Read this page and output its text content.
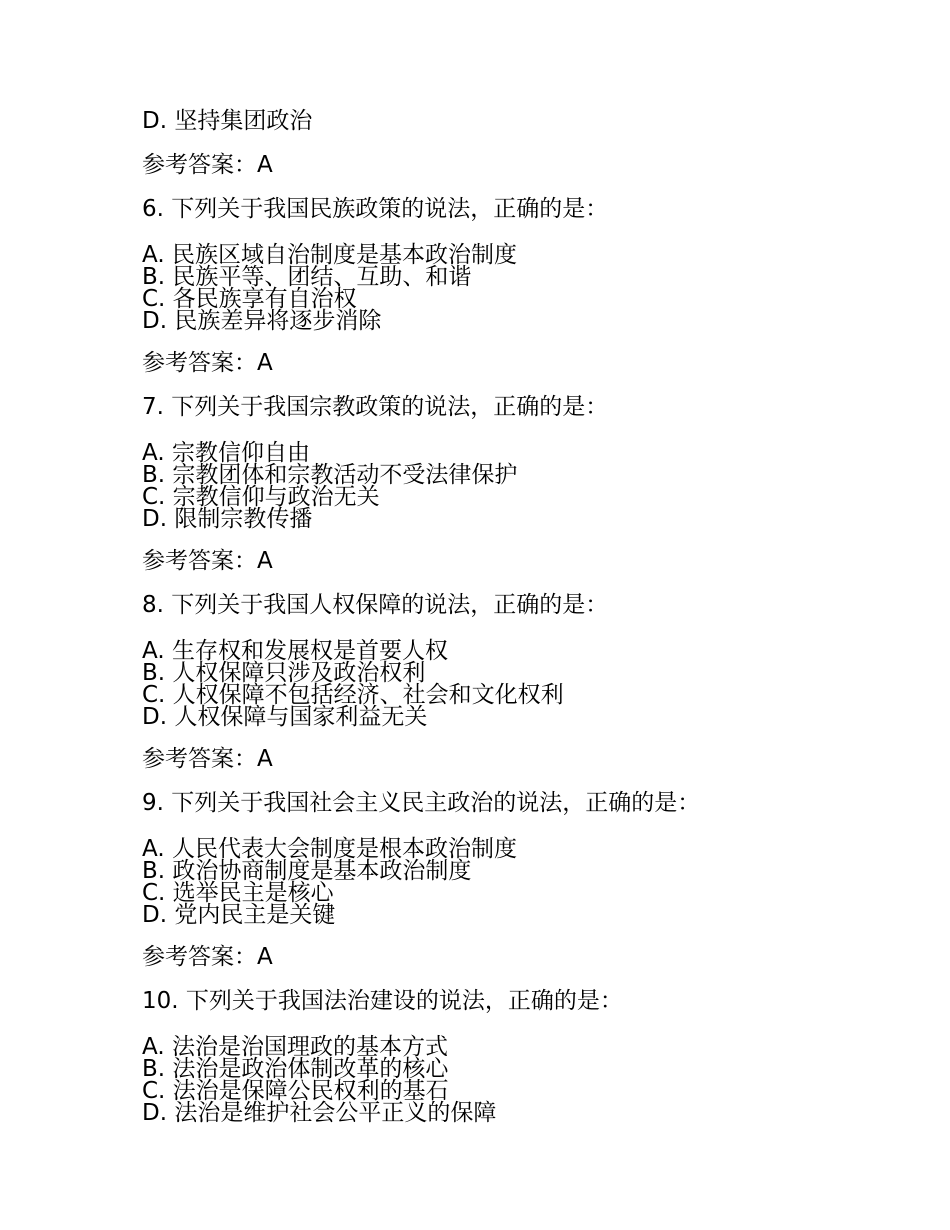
D. 坚持集团政治
参考答案：A
6. 下列关于我国民族政策的说法，正确的是：
A. 民族区域自治制度是基本政治制度
B. 民族平等、团结、互助、和谐
C. 各民族享有自治权
D. 民族差异将逐步消除
参考答案：A
7. 下列关于我国宗教政策的说法，正确的是：
A. 宗教信仰自由
B. 宗教团体和宗教活动不受法律保护
C. 宗教信仰与政治无关
D. 限制宗教传播
参考答案：A
8. 下列关于我国人权保障的说法，正确的是：
A. 生存权和发展权是首要人权
B. 人权保障只涉及政治权利
C. 人权保障不包括经济、社会和文化权利
D. 人权保障与国家利益无关
参考答案：A
9. 下列关于我国社会主义民主政治的说法，正确的是：
A. 人民代表大会制度是根本政治制度
B. 政治协商制度是基本政治制度
C. 选举民主是核心
D. 党内民主是关键
参考答案：A
10. 下列关于我国法治建设的说法，正确的是：
A. 法治是治国理政的基本方式
B. 法治是政治体制改革的核心
C. 法治是保障公民权利的基石
D. 法治是维护社会公平正义的保障
